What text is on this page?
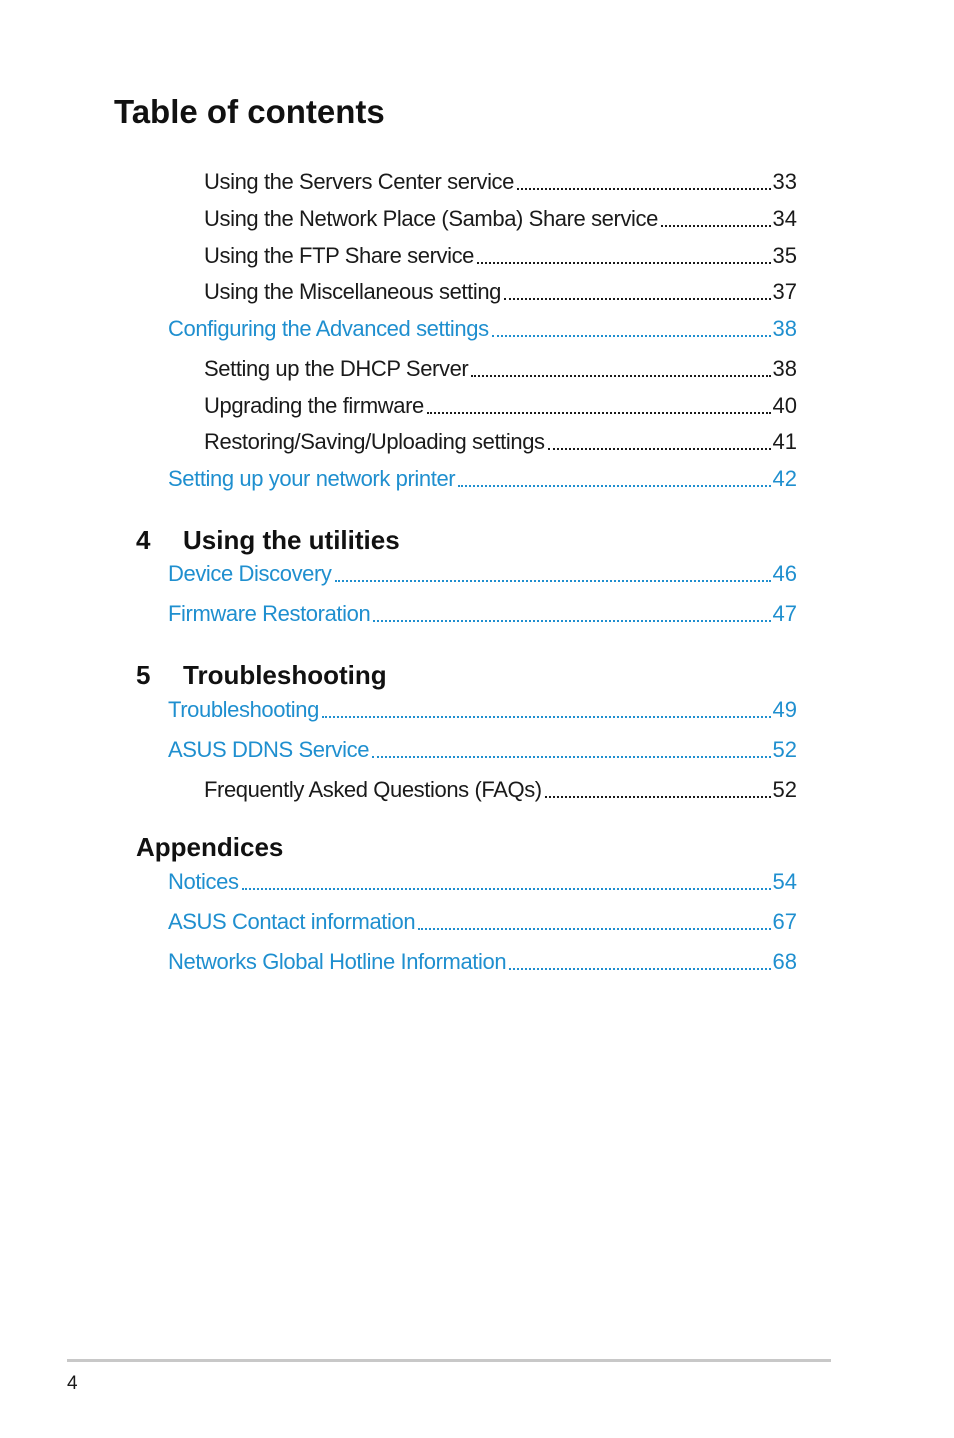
Table of contents
Using the Servers Center service	33
Using the Network Place (Samba) Share service	34
Using the FTP Share service	35
Using the Miscellaneous setting	37
Configuring the Advanced settings	38
Setting up the DHCP Server	38
Upgrading the firmware	40
Restoring/Saving/Uploading settings	41
Setting up your network printer	42
4	Using the utilities
Device Discovery	46
Firmware Restoration	47
5	Troubleshooting
Troubleshooting	49
ASUS DDNS Service	52
Frequently Asked Questions (FAQs)	52
Appendices
Notices	54
ASUS Contact information	67
Networks Global Hotline Information	68
4
